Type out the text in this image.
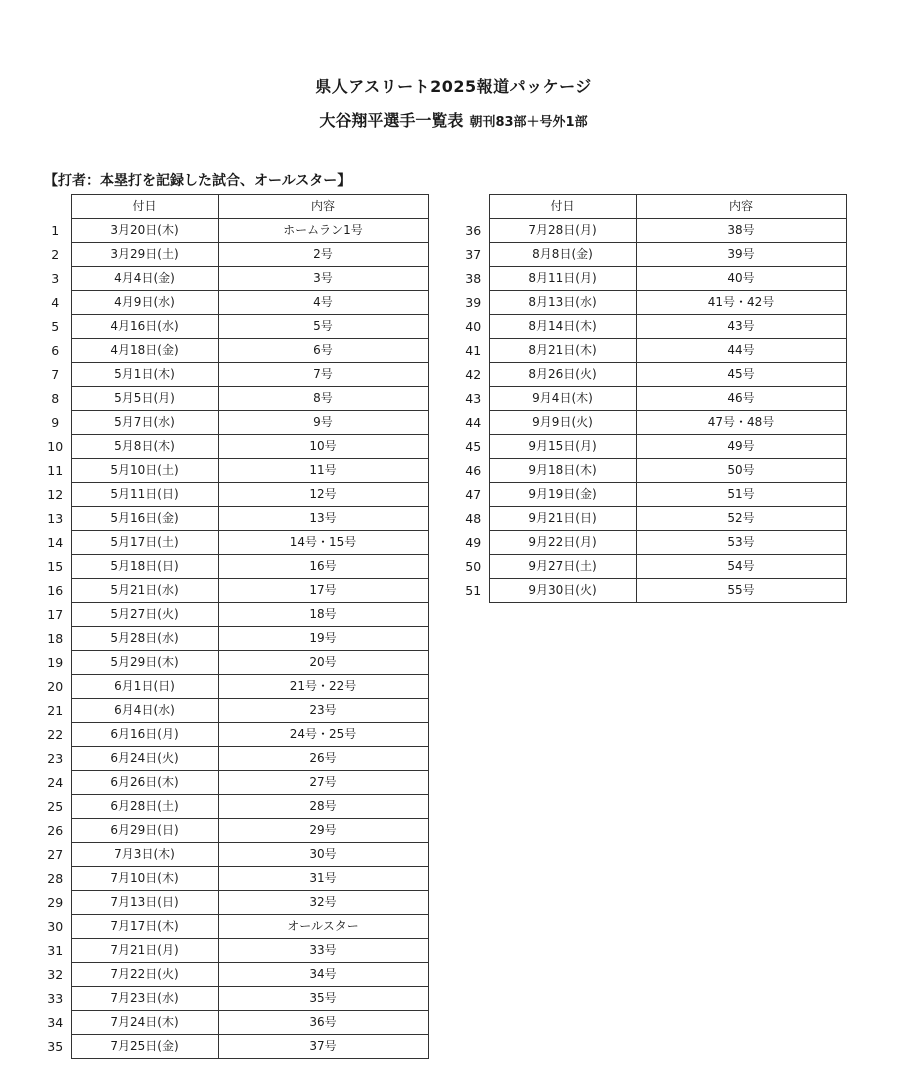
県人アスリート2025報道パッケージ
大谷翔平選手一覧表 朝刊83部＋号外1部
【打者：本塁打を記録した試合、オールスター】
	付日	内容
1	3月20日(木)	ホームラン1号
2	3月29日(土)	2号
3	4月4日(金)	3号
4	4月9日(水)	4号
5	4月16日(水)	5号
6	4月18日(金)	6号
7	5月1日(木)	7号
8	5月5日(月)	8号
9	5月7日(水)	9号
10	5月8日(木)	10号
11	5月10日(土)	11号
12	5月11日(日)	12号
13	5月16日(金)	13号
14	5月17日(土)	14号・15号
15	5月18日(日)	16号
16	5月21日(水)	17号
17	5月27日(火)	18号
18	5月28日(水)	19号
19	5月29日(木)	20号
20	6月1日(日)	21号・22号
21	6月4日(水)	23号
22	6月16日(月)	24号・25号
23	6月24日(火)	26号
24	6月26日(木)	27号
25	6月28日(土)	28号
26	6月29日(日)	29号
27	7月3日(木)	30号
28	7月10日(木)	31号
29	7月13日(日)	32号
30	7月17日(木)	オールスター
31	7月21日(月)	33号
32	7月22日(火)	34号
33	7月23日(水)	35号
34	7月24日(木)	36号
35	7月25日(金)	37号
	付日	内容
36	7月28日(月)	38号
37	8月8日(金)	39号
38	8月11日(月)	40号
39	8月13日(水)	41号・42号
40	8月14日(木)	43号
41	8月21日(木)	44号
42	8月26日(火)	45号
43	9月4日(木)	46号
44	9月9日(火)	47号・48号
45	9月15日(月)	49号
46	9月18日(木)	50号
47	9月19日(金)	51号
48	9月21日(日)	52号
49	9月22日(月)	53号
50	9月27日(土)	54号
51	9月30日(火)	55号
